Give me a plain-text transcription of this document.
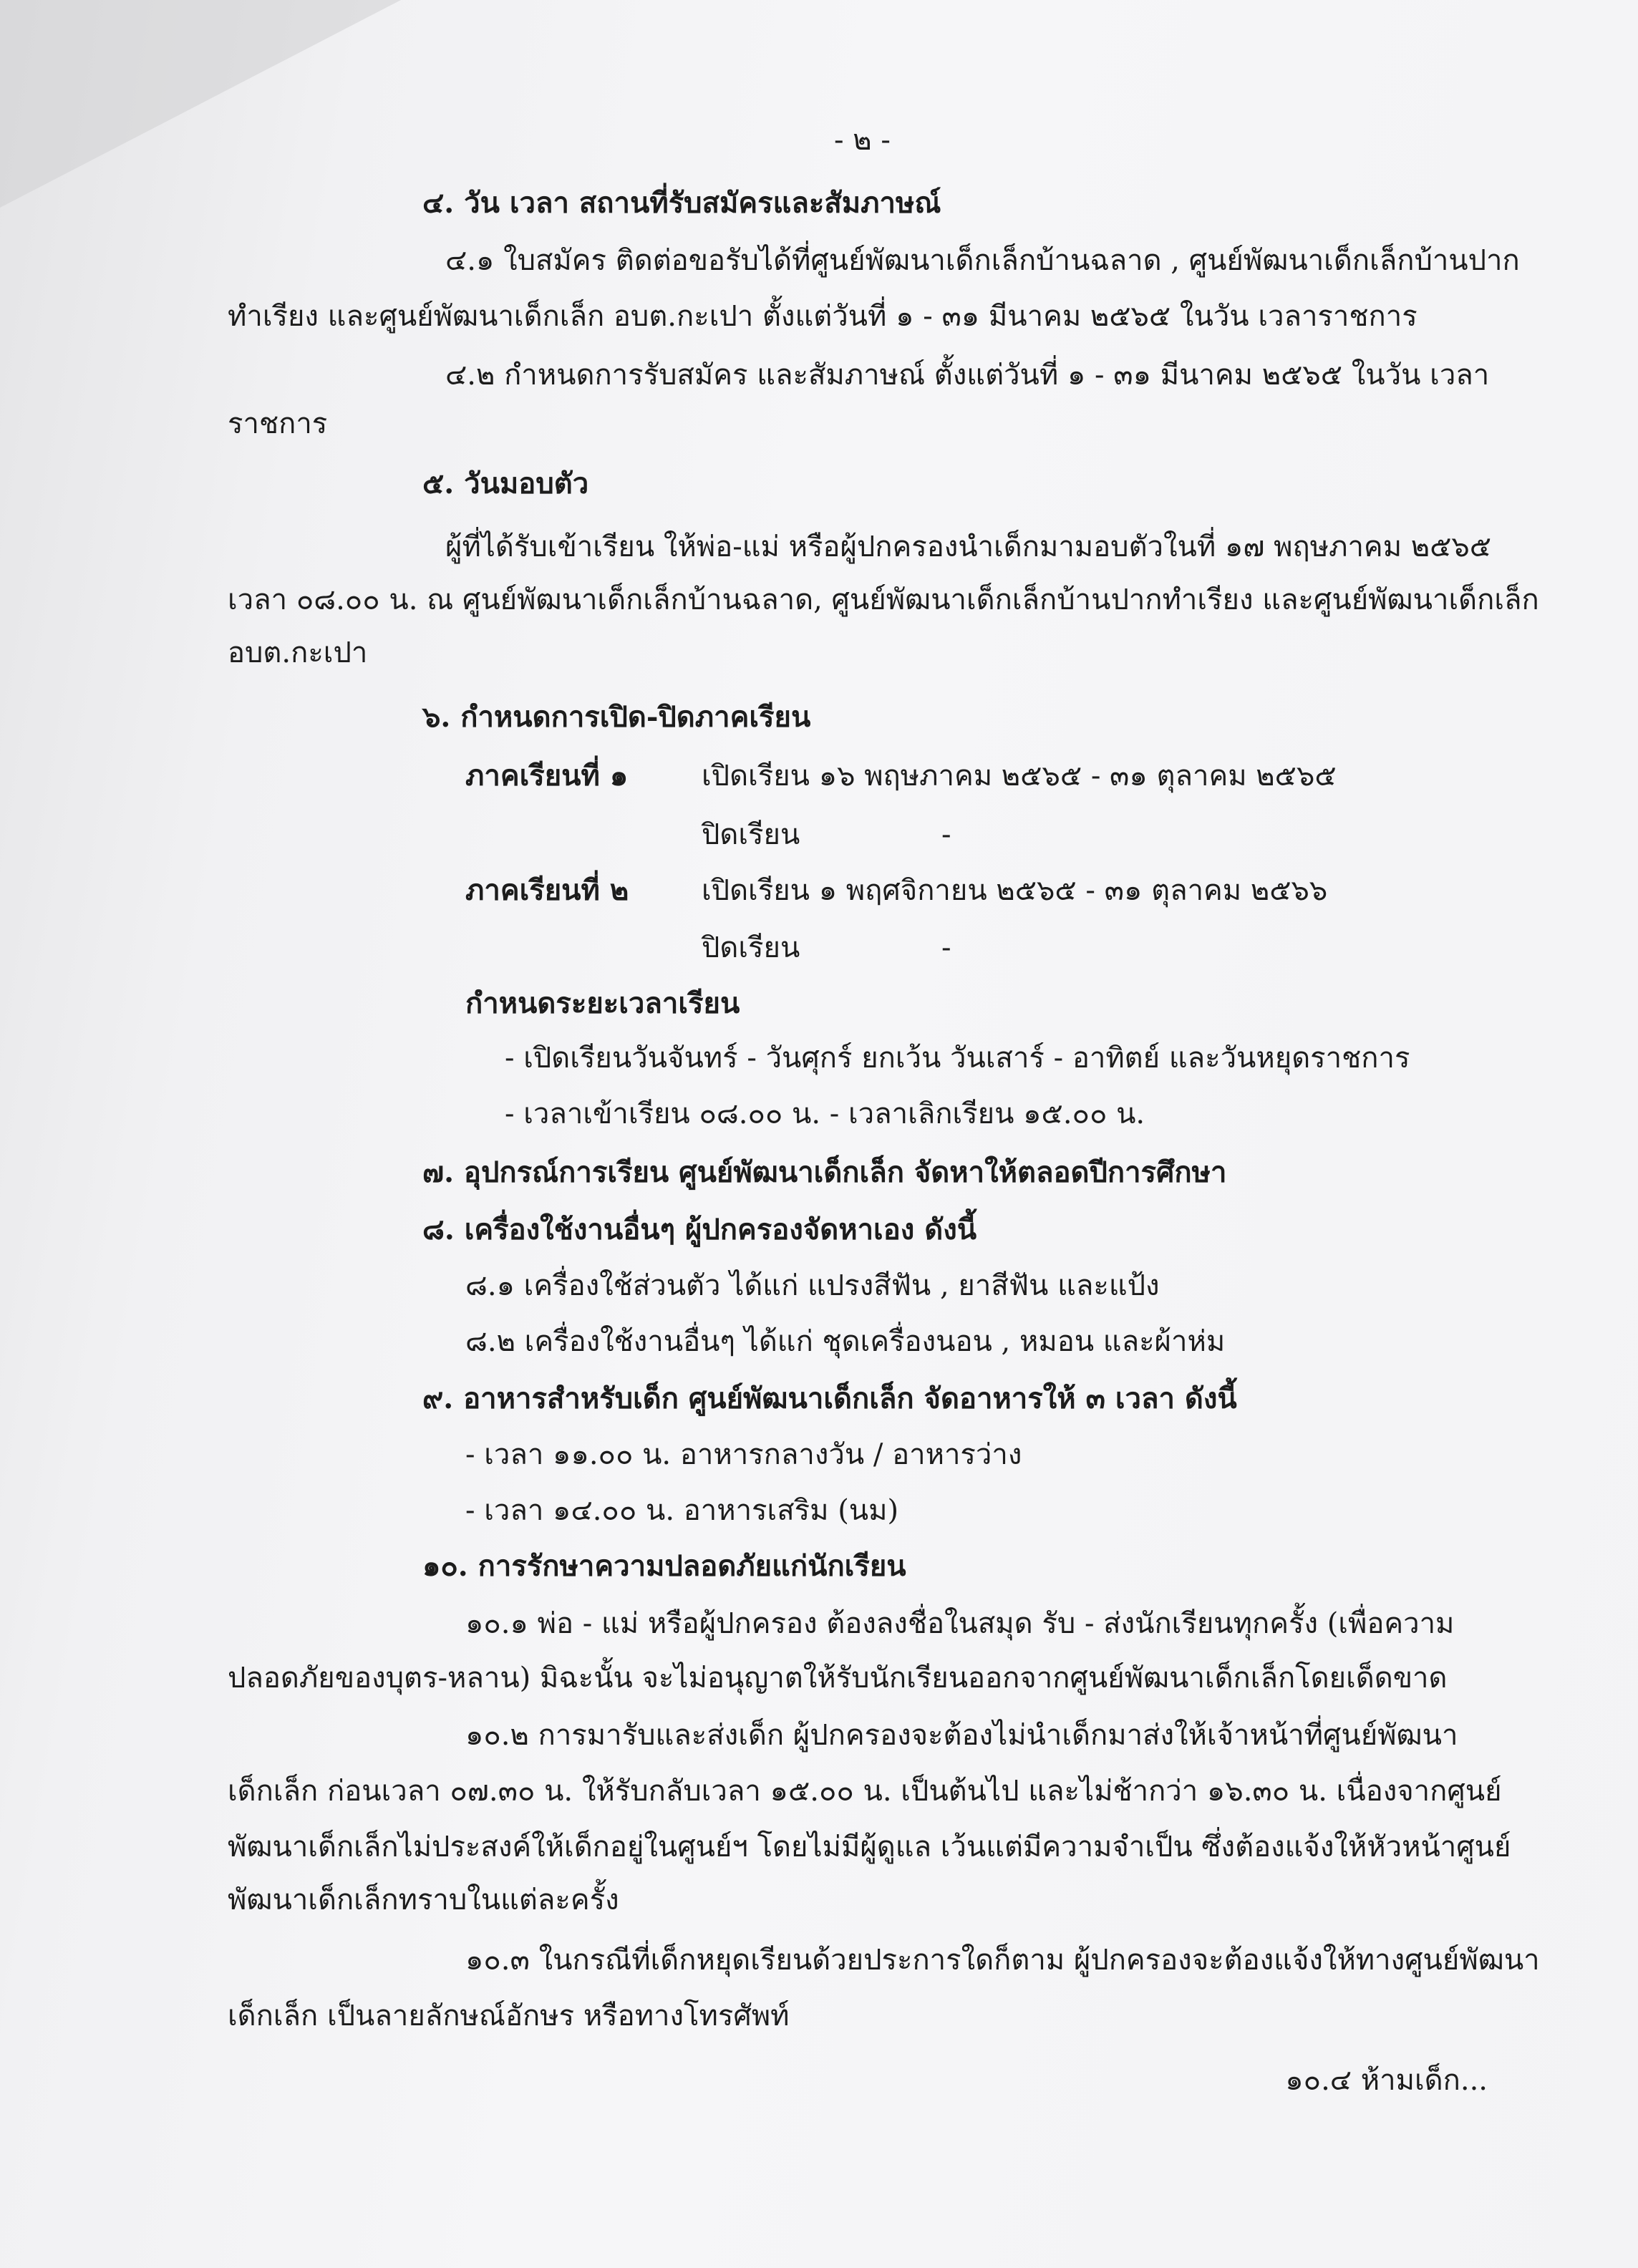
- ๒ -
๔. วัน เวลา สถานที่รับสมัครและสัมภาษณ์
๔.๑ ใบสมัคร ติดต่อขอรับได้ที่ศูนย์พัฒนาเด็กเล็กบ้านฉลาด , ศูนย์พัฒนาเด็กเล็กบ้านปาก
ทำเรียง และศูนย์พัฒนาเด็กเล็ก อบต.กะเปา ตั้งแต่วันที่ ๑ - ๓๑ มีนาคม ๒๕๖๕ ในวัน เวลาราชการ
๔.๒ กำหนดการรับสมัคร และสัมภาษณ์ ตั้งแต่วันที่ ๑ - ๓๑ มีนาคม ๒๕๖๕ ในวัน เวลา
ราชการ
๕. วันมอบตัว
ผู้ที่ได้รับเข้าเรียน ให้พ่อ-แม่ หรือผู้ปกครองนำเด็กมามอบตัวในที่ ๑๗ พฤษภาคม ๒๕๖๕
เวลา ๐๘.๐๐ น. ณ ศูนย์พัฒนาเด็กเล็กบ้านฉลาด, ศูนย์พัฒนาเด็กเล็กบ้านปากทำเรียง และศูนย์พัฒนาเด็กเล็ก
อบต.กะเปา
๖. กำหนดการเปิด-ปิดภาคเรียน
ภาคเรียนที่ ๑	เปิดเรียน ๑๖ พฤษภาคม ๒๕๖๕ - ๓๑ ตุลาคม ๒๕๖๕
ปิดเรียน	-
ภาคเรียนที่ ๒	เปิดเรียน ๑ พฤศจิกายน ๒๕๖๕ - ๓๑ ตุลาคม ๒๕๖๖
ปิดเรียน	-
กำหนดระยะเวลาเรียน
- เปิดเรียนวันจันทร์ - วันศุกร์ ยกเว้น วันเสาร์ - อาทิตย์ และวันหยุดราชการ
- เวลาเข้าเรียน ๐๘.๐๐ น. - เวลาเลิกเรียน ๑๕.๐๐ น.
๗. อุปกรณ์การเรียน ศูนย์พัฒนาเด็กเล็ก จัดหาให้ตลอดปีการศึกษา
๘. เครื่องใช้งานอื่นๆ ผู้ปกครองจัดหาเอง ดังนี้
๘.๑ เครื่องใช้ส่วนตัว ได้แก่ แปรงสีฟัน , ยาสีฟัน และแป้ง
๘.๒ เครื่องใช้งานอื่นๆ ได้แก่ ชุดเครื่องนอน , หมอน และผ้าห่ม
๙. อาหารสำหรับเด็ก ศูนย์พัฒนาเด็กเล็ก จัดอาหารให้ ๓ เวลา ดังนี้
- เวลา ๑๑.๐๐ น. อาหารกลางวัน / อาหารว่าง
- เวลา ๑๔.๐๐ น. อาหารเสริม (นม)
๑๐. การรักษาความปลอดภัยแก่นักเรียน
๑๐.๑ พ่อ - แม่ หรือผู้ปกครอง ต้องลงชื่อในสมุด รับ - ส่งนักเรียนทุกครั้ง (เพื่อความ
ปลอดภัยของบุตร-หลาน) มิฉะนั้น จะไม่อนุญาตให้รับนักเรียนออกจากศูนย์พัฒนาเด็กเล็กโดยเด็ดขาด
๑๐.๒ การมารับและส่งเด็ก ผู้ปกครองจะต้องไม่นำเด็กมาส่งให้เจ้าหน้าที่ศูนย์พัฒนา
เด็กเล็ก ก่อนเวลา ๐๗.๓๐ น. ให้รับกลับเวลา ๑๕.๐๐ น. เป็นต้นไป และไม่ช้ากว่า ๑๖.๓๐ น. เนื่องจากศูนย์
พัฒนาเด็กเล็กไม่ประสงค์ให้เด็กอยู่ในศูนย์ฯ โดยไม่มีผู้ดูแล เว้นแต่มีความจำเป็น ซึ่งต้องแจ้งให้หัวหน้าศูนย์
พัฒนาเด็กเล็กทราบในแต่ละครั้ง
๑๐.๓ ในกรณีที่เด็กหยุดเรียนด้วยประการใดก็ตาม ผู้ปกครองจะต้องแจ้งให้ทางศูนย์พัฒนา
เด็กเล็ก เป็นลายลักษณ์อักษร หรือทางโทรศัพท์
๑๐.๔ ห้ามเด็ก...
